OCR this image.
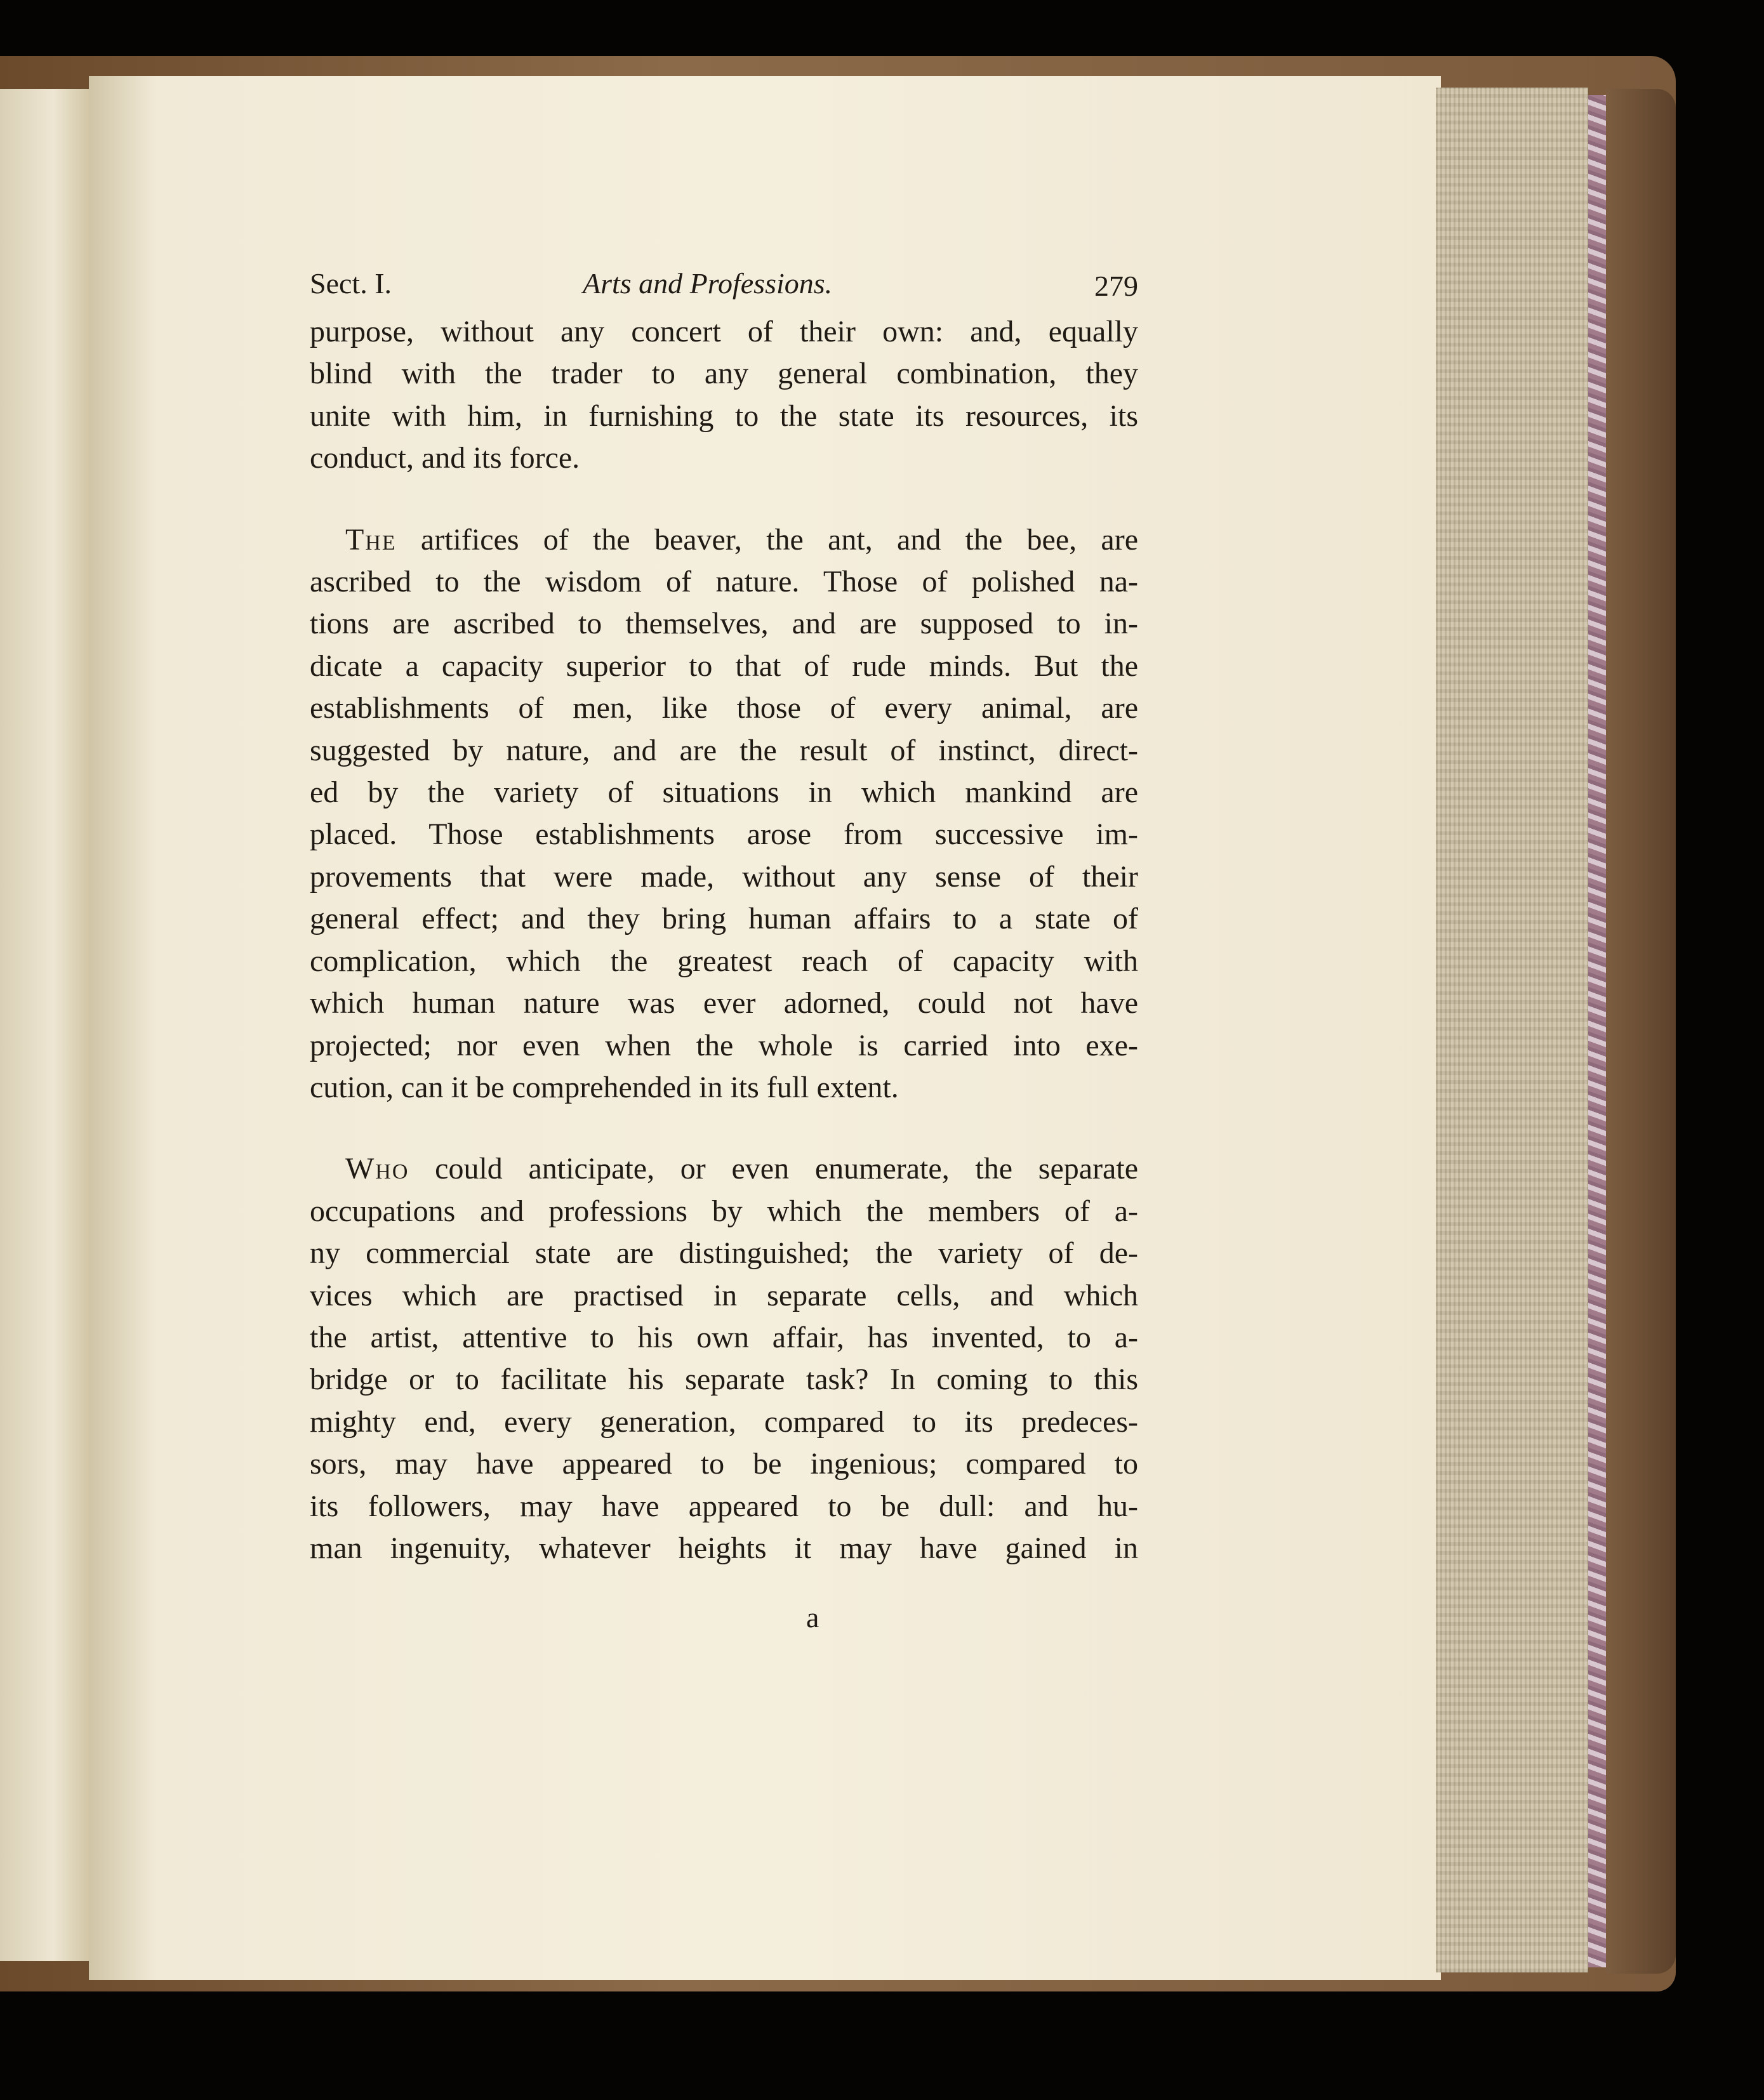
Sect. I.	Arts and Professions.	279
purpose, without any concert of their own: and, equally
blind with the trader to any general combination, they
unite with him, in furnishing to the state its resources, its
conduct, and its force.
The artifices of the beaver, the ant, and the bee, are
ascribed to the wisdom of nature. Those of polished na-
tions are ascribed to themselves, and are supposed to in-
dicate a capacity superior to that of rude minds. But the
establishments of men, like those of every animal, are
suggested by nature, and are the result of instinct, direct-
ed by the variety of situations in which mankind are
placed. Those establishments arose from successive im-
provements that were made, without any sense of their
general effect; and they bring human affairs to a state of
complication, which the greatest reach of capacity with
which human nature was ever adorned, could not have
projected; nor even when the whole is carried into exe-
cution, can it be comprehended in its full extent.
Who could anticipate, or even enumerate, the separate
occupations and professions by which the members of a-
ny commercial state are distinguished; the variety of de-
vices which are practised in separate cells, and which
the artist, attentive to his own affair, has invented, to a-
bridge or to facilitate his separate task? In coming to this
mighty end, every generation, compared to its predeces-
sors, may have appeared to be ingenious; compared to
its followers, may have appeared to be dull: and hu-
man ingenuity, whatever heights it may have gained in
a
